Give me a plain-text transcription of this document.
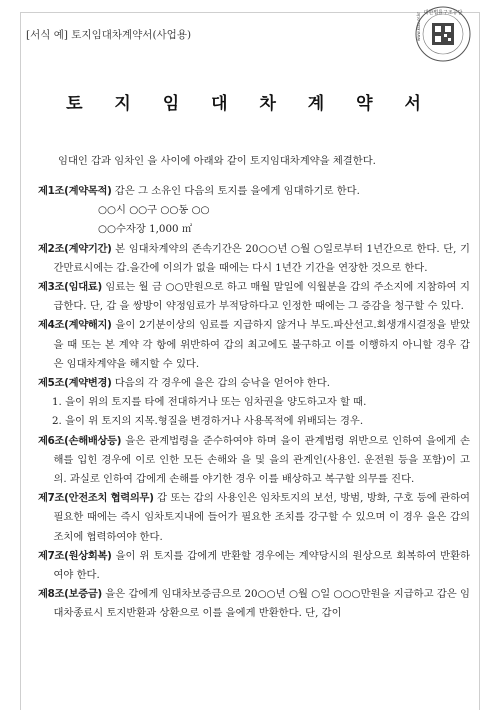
[서식 예] 토지임대차계약서(사업용)
대한법률구조공단
www.klac.or.kr
토 지 임 대 차 계 약 서
임대인 갑과 임차인 을 사이에 아래와 같이 토지임대차계약을 체결한다.

제1조(계약목적) 갑은 그 소유인 다음의 토지를 을에게 임대하기로 한다.

○○시 ○○구 ○○동 ○○

○○수자장 1,000 ㎡

제2조(계약기간) 본 임대차계약의 존속기간은 20○○년 ○월 ○일로부터 1년간으로 한다. 단, 기간만료시에는 갑.을간에 이의가 없을 때에는 다시 1년간 기간을 연장한 것으로 한다.

제3조(임대료) 임료는 월 금 ○○만원으로 하고 매월 말일에 익월분을 갑의 주소지에 지참하여 지급한다. 단, 갑 을 쌍방이 약정임료가 부적당하다고 인정한 때에는 그 증감을 청구할 수 있다.

제4조(계약해지) 을이 2기분이상의 임료를 지급하지 않거나 부도.파산선고.회생개시결정을 받았을 때 또는 본 계약 각 항에 위반하여 갑의 최고에도 불구하고 이를 이행하지 아니할 경우 갑은 임대차계약을 해지할 수 있다.

제5조(계약변경) 다음의 각 경우에 을은 갑의 승낙을 얻어야 한다.

1. 을이 위의 토지를 타에 전대하거나 또는 임차권을 양도하고자 할 때.

2. 을이 위 토지의 지목.형질을 변경하거나 사용목적에 위배되는 경우.

제6조(손해배상등) 을은 관계법령을 준수하여야 하며 을이 관계법령 위반으로 인하여 을에게 손해를 입힌 경우에 이로 인한 모든 손해와 을 및 을의 관계인(사용인. 운전원 등을 포함)이 고의. 과실로 인하여 갑에게 손해를 야기한 경우 이를 배상하고 복구할 의무를 진다.

제7조(안전조치 협력의무) 갑 또는 갑의 사용인은 임차토지의 보선, 방범, 방화, 구호 등에 관하여 필요한 때에는 즉시 임차토지내에 들어가 필요한 조치를 강구할 수 있으며 이 경우 을은 갑의 조치에 협력하여야 한다.

제7조(원상회복) 을이 위 토지를 갑에게 반환할 경우에는 계약당시의 원상으로 회복하여 반환하여야 한다.

제8조(보증금) 을은 갑에게 임대차보증금으로 20○○년 ○월 ○일 ○○○만원을 지급하고 갑은 임대차종료시 토지반환과 상환으로 이를 을에게 반환한다. 단, 갑이
